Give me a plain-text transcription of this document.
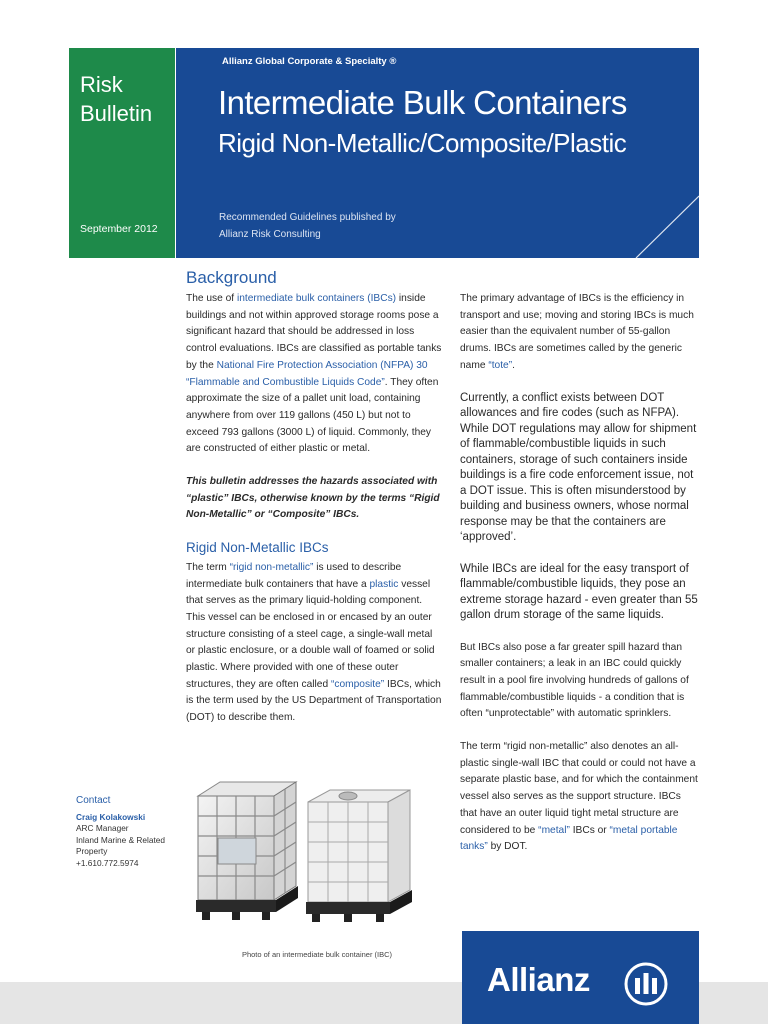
Risk
Bulletin
September 2012
Allianz Global Corporate & Specialty ®
Intermediate Bulk Containers
Rigid Non-Metallic/Composite/Plastic
Recommended Guidelines published by
Allianz Risk Consulting
Background

The use of intermediate bulk containers (IBCs) inside buildings and not within approved storage rooms pose a significant hazard that should be addressed in loss control evaluations. IBCs are classified as portable tanks by the National Fire Protection Association (NFPA) 30 “Flammable and Combustible Liquids Code”. They often approximate the size of a pallet unit load, containing anywhere from over 119 gallons (450 L) but not to exceed 793 gallons (3000 L) of liquid. Commonly, they are constructed of either plastic or metal.

This bulletin addresses the hazards associated with “plastic” IBCs, otherwise known by the terms “Rigid Non-Metallic” or “Composite” IBCs.

Rigid Non-Metallic IBCs

The term “rigid non-metallic” is used to describe intermediate bulk containers that have a plastic vessel that serves as the primary liquid-holding component. This vessel can be enclosed in or encased by an outer structure consisting of a steel cage, a single-wall metal or plastic enclosure, or a double wall of foamed or solid plastic. Where provided with one of these outer structures, they are often called “composite” IBCs, which is the term used by the US Department of Transportation (DOT) to describe them.

The primary advantage of IBCs is the efficiency in transport and use; moving and storing IBCs is much easier than the equivalent number of 55-gallon drums. IBCs are sometimes called by the generic name “tote”.

Currently, a conflict exists between DOT allowances and fire codes (such as NFPA). While DOT regulations may allow for shipment of flammable/combustible liquids in such containers, storage of such containers inside buildings is a fire code enforcement issue, not a DOT issue. This is often misunderstood by building and business owners, whose normal response may be that the containers are ‘approved’.

While IBCs are ideal for the easy transport of flammable/combustible liquids, they pose an extreme storage hazard - even greater than 55 gallon drum storage of the same liquids.

But IBCs also pose a far greater spill hazard than smaller containers; a leak in an IBC could quickly result in a pool fire involving hundreds of gallons of flammable/combustible liquids - a condition that is often “unprotectable” with automatic sprinklers.

The term “rigid non-metallic” also denotes an all-plastic single-wall IBC that could or could not have a separate plastic base, and for which the containment vessel also serves as the support structure. IBCs that have an outer liquid tight metal structure are considered to be “metal” IBCs or “metal portable tanks” by DOT.

Contact
Craig Kolakowski
ARC Manager
Inland Marine & Related
Property
+1.610.772.5974
Photo of an intermediate bulk container (IBC)
Allianz
